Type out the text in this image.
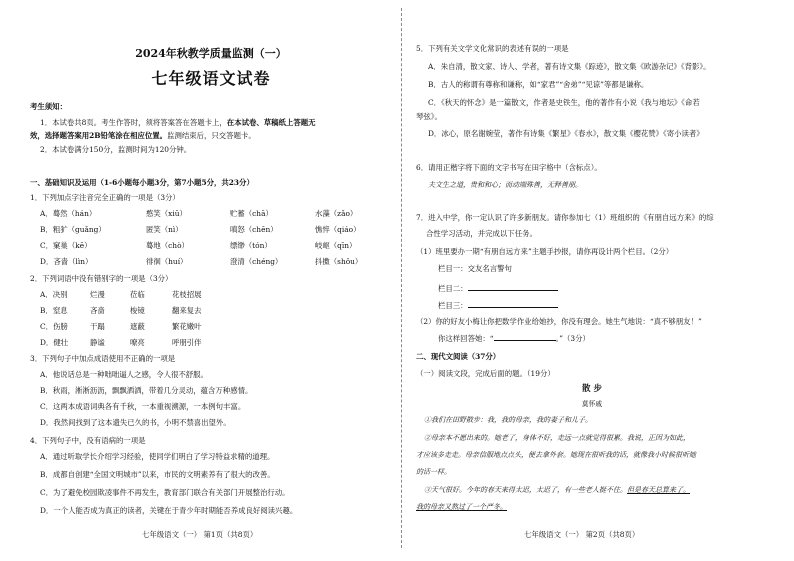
2024年秋教学质量监测（一）
七年级语文试卷
考生须知：
1．本试卷共8页。考生作答时，须将答案答在答题卡上，在本试卷、草稿纸上答题无
效，选择题答案用2B铅笔涂在相应位置。监测结束后，只交答题卡。
2．本试卷满分150分，监测时间为120分钟。
一、基础知识及运用（1-6小题每小题3分，第7小题5分，共23分）
1．下列加点字注音完全正确的一项是（3分）
A．蓦然（hán）	憨笑（xiū）	贮蓄（chā）	水藻（zǎo）
B．粗犷（guǎng）	匿笑（nì）	嗔怒（chēn）	憔悴（qiáo）
C．窠巢（kē）	蓦地（chò）	缥缈（tón）	岐岖（qīn）
D．吝啬（lìn）	徘徊（huí）	澄清（chéng）	抖擞（shǒu）
2．下列词语中没有错别字的一项是（3分）
A．决别	烂漫	莅临	花枝招展
B．窒息	吝啬	梭镜	翻来复去
C．伤膀	干蹋	遮蔽	繁花嫩叶
D．健壮	静谧	嘹亮	呼朋引伴
3．下列句子中加点成语使用不正确的一项是
A．他说话总是一种咄咄逼人之感，令人很不舒服。
B．秋雨，淅淅沥沥，飘飘洒洒，带着几分灵动，蕴含万种感情。
C．这两本成语词典各有千秋，一本重视溯源，一本例句丰富。
D．我然间找到了这本遗失已久的书，小明不禁喜出望外。
4．下列句子中，没有语病的一项是
A．通过听取学长介绍学习经验，使同学们明白了学习特益求精的道理。
B．成都自创建“全国文明城市”以来，市民的文明素养有了很大的改善。
C．为了避免校园欺凌事件不再发生，教育部门联合有关部门开展整治行动。
D．一个人能否成为真正的读者，关键在于青少年时期能否养成良好阅读兴趣。
七年级语文（一） 第1页（共8页）
5．下列有关文学文化常识的表述有误的一项是
A．朱自清，散文家、诗人、学者，著有诗文集《踪迹》，散文集《欧游杂记》《背影》。
B．古人的称谓有尊称和谦称，如“家君”“舍弟”“见谅”等都是谦称。
C．《秋天的怀念》是一篇散文，作者是史铁生，他的著作有小说《我与地坛》《命若
琴弦》。
D．冰心，原名谢婉莹，著作有诗集《繁星》《春水》，散文集《樱花赞》《寄小读者》
6．请用正楷字将下面的文字书写在田字格中（含标点）。
夫文生之道，贵和和心；而动端殊善，无释善朋。
7．进入中学，你一定认识了许多新朋友。请你参加七（1）班组织的《有朋自远方来》的综
合性学习活动，并完成以下任务。
（1）班里要办一期“有朋自远方来”主题手抄报，请你再设计两个栏目。（2分）
栏目一：交友名言警句
栏目二：
栏目三：
（2）你的好友小梅让你把数学作业给她抄，你没有理会。她生气地说：“真不够朋友！”
你这样回答她：“	。”（3分）
二、现代文阅读（37分）
（一）阅读文段，完成后面的题。（19分）
散 步
莫怀戚
①我们在田野散步：我，我的母亲，我的妻子和儿子。
②母亲本不愿出来的。她老了，身体不好，走远一点就觉得很累。我说，正因为如此，
才应该多走走。母亲信服地点点头，便去拿外套。她现在很听我的话，就像我小时候很听她
的话一样。
③天气很好。今年的春天来得太迟，太迟了，有一些老人挺不住。但是春天总算来了。
我的母亲又熬过了一个严冬。
七年级语文（一） 第2页（共8页）
